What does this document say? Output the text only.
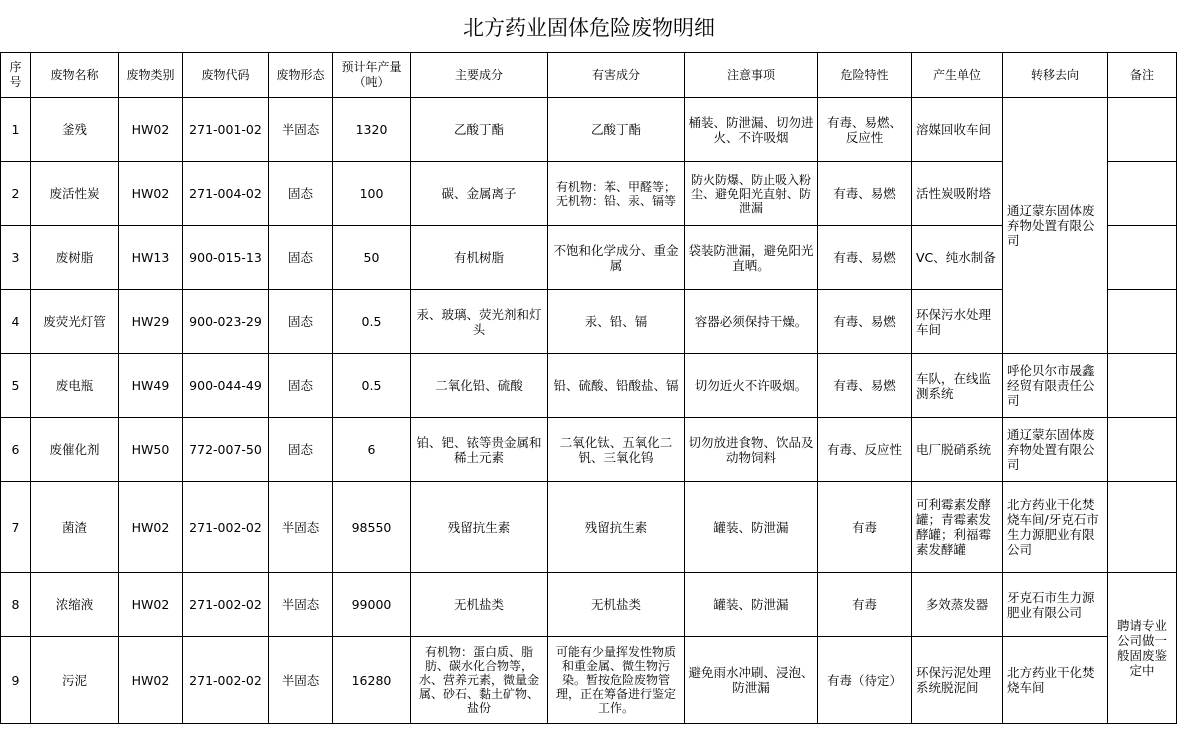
北方药业固体危险废物明细
序号	废物名称	废物类别	废物代码	废物形态	预计年产量（吨）	主要成分	有害成分	注意事项	危险特性	产生单位	转移去向	备注
1	釜残	HW02	271-001-02	半固态	1320	乙酸丁酯	乙酸丁酯	桶装、防泄漏、切勿进火、不许吸烟	有毒、易燃、反应性	溶媒回收车间	通辽蒙东固体废弃物处置有限公司	
2	废活性炭	HW02	271-004-02	固态	100	碳、金属离子	有机物：苯、甲醛等；无机物：铅、汞、镉等	防火防爆、防止吸入粉尘、避免阳光直射、防泄漏	有毒、易燃	活性炭吸附塔		
3	废树脂	HW13	900-015-13	固态	50	有机树脂	不饱和化学成分、重金属	袋装防泄漏，避免阳光直晒。	有毒、易燃	VC、纯水制备		
4	废荧光灯管	HW29	900-023-29	固态	0.5	汞、玻璃、荧光剂和灯头	汞、铅、镉	容器必须保持干燥。	有毒、易燃	环保污水处理车间		
5	废电瓶	HW49	900-044-49	固态	0.5	二氧化铅、硫酸	铅、硫酸、铅酸盐、镉	切勿近火不许吸烟。	有毒、易燃	车队，在线监测系统	呼伦贝尔市晟鑫经贸有限责任公司	
6	废催化剂	HW50	772-007-50	固态	6	铂、钯、铱等贵金属和稀土元素	二氧化钛、五氧化二钒、三氧化钨	切勿放进食物、饮品及动物饲料	有毒、反应性	电厂脱硝系统	通辽蒙东固体废弃物处置有限公司	
7	菌渣	HW02	271-002-02	半固态	98550	残留抗生素	残留抗生素	罐装、防泄漏	有毒	可利霉素发酵罐；青霉素发酵罐；利福霉素发酵罐	北方药业干化焚烧车间/牙克石市生力源肥业有限公司	
8	浓缩液	HW02	271-002-02	半固态	99000	无机盐类	无机盐类	罐装、防泄漏	有毒	多效蒸发器	牙克石市生力源肥业有限公司	聘请专业公司做一般固废鉴定中
9	污泥	HW02	271-002-02	半固态	16280	有机物：蛋白质、脂肪、碳水化合物等，水、营养元素，微量金属、砂石、黏土矿物、盐份	可能有少量挥发性物质和重金属、微生物污染。暂按危险废物管理，正在筹备进行鉴定工作。	避免雨水冲刷、浸泡、防泄漏	有毒（待定）	环保污泥处理系统脱泥间	北方药业干化焚烧车间	
